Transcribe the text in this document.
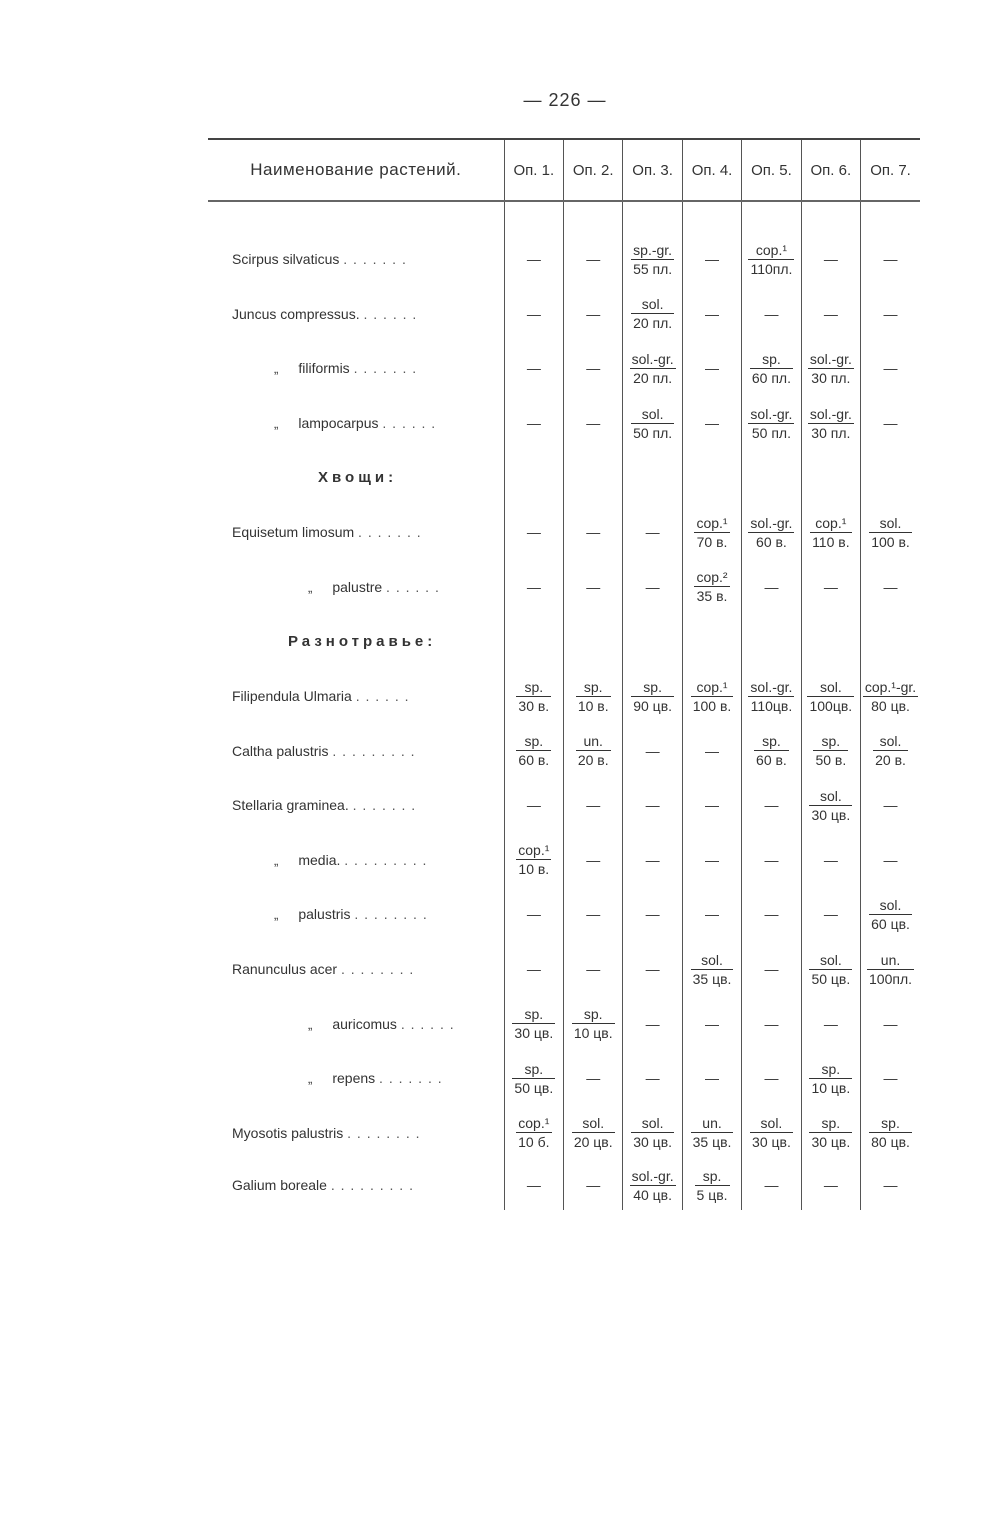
— 226 —
Наименование растений.	Оп. 1.	Оп. 2.	Оп. 3.	Оп. 4.	Оп. 5.	Оп. 6.	Оп. 7.

Scirpus silvaticus . . . . . . .	—	—	$\frac{sp.-gr.}{55 пл.}$	—	$\frac{\text{cop.¹}}{110пл.}$	—	—
Juncus compressus. . . . . . .	—	—	$\frac{\text{sol.}}{20 пл.}$	—	—	—	—
„ filiformis . . . . . . .	—	—	$\frac{\text{sol.-gr.}}{20 пл.}$	—	$\frac{sp.}{60 пл.}$	$\frac{\text{sol.-gr.}}{30 пл.}$	—
„ lampocarpus . . . . . .	—	—	$\frac{\text{sol.}}{50 пл.}$	—	$\frac{\text{sol.-gr.}}{50 пл.}$	$\frac{\text{sol.-gr.}}{30 пл.}$	—
Хвощи:							
Equisetum limosum . . . . . . .	—	—	—	$\frac{\text{cop.¹}}{70 в.}$	$\frac{\text{sol.-gr.}}{60 в.}$	$\frac{\text{cop.¹}}{110 в.}$	$\frac{\text{sol.}}{100 в.}$

„ palustre . . . . . .	—	—	—	$\frac{\text{cop.²}}{35 в.}$	—	—	—
Разнотравье:							
Filipendula Ulmaria . . . . . .	$\frac{sp.}{30 в.}$	$\frac{sp.}{10 в.}$	$\frac{sp.}{90 цв.}$	$\frac{\text{cop.¹}}{100 в.}$	$\frac{\text{sol.-gr.}}{110цв.}$	$\frac{\text{sol.}}{100цв.}$	$\frac{\text{cop.¹-gr.}}{80 цв.}$

Caltha palustris . . . . . . . . .	$\frac{sp.}{60 в.}$	$\frac{un.}{20 в.}$	—	—	$\frac{sp.}{60 в.}$	$\frac{sp.}{50 в.}$	$\frac{\text{sol.}}{20 в.}$

Stellaria graminea. . . . . . . .	—	—	—	—	—	$\frac{\text{sol.}}{30 цв.}$	—
„ media. . . . . . . . . .	$\frac{\text{cop.¹}}{10 в.}$	—	—	—	—	—	—
„ palustris . . . . . . . .	—	—	—	—	—	—	$\frac{\text{sol.}}{60 цв.}$

Ranunculus acer . . . . . . . .	—	—	—	$\frac{\text{sol.}}{35 цв.}$	—	$\frac{\text{sol.}}{50 цв.}$	$\frac{un.}{100пл.}$

„ auricomus . . . . . .	$\frac{sp.}{30 цв.}$	$\frac{sp.}{10 цв.}$	—	—	—	—	—
„ repens . . . . . . .	$\frac{sp.}{50 цв.}$	—	—	—	—	$\frac{sp.}{10 цв.}$	—
Myosotis palustris . . . . . . . .	$\frac{\text{cop.¹}}{10 б.}$	$\frac{\text{sol.}}{20 цв.}$	$\frac{\text{sol.}}{30 цв.}$	$\frac{un.}{35 цв.}$	$\frac{\text{sol.}}{30 цв.}$	$\frac{sp.}{30 цв.}$	$\frac{sp.}{80 цв.}$

Galium boreale . . . . . . . . .	—	—	$\frac{\text{sol.-gr.}}{40 цв.}$	$\frac{sp.}{5 цв.}$	—	—	—
